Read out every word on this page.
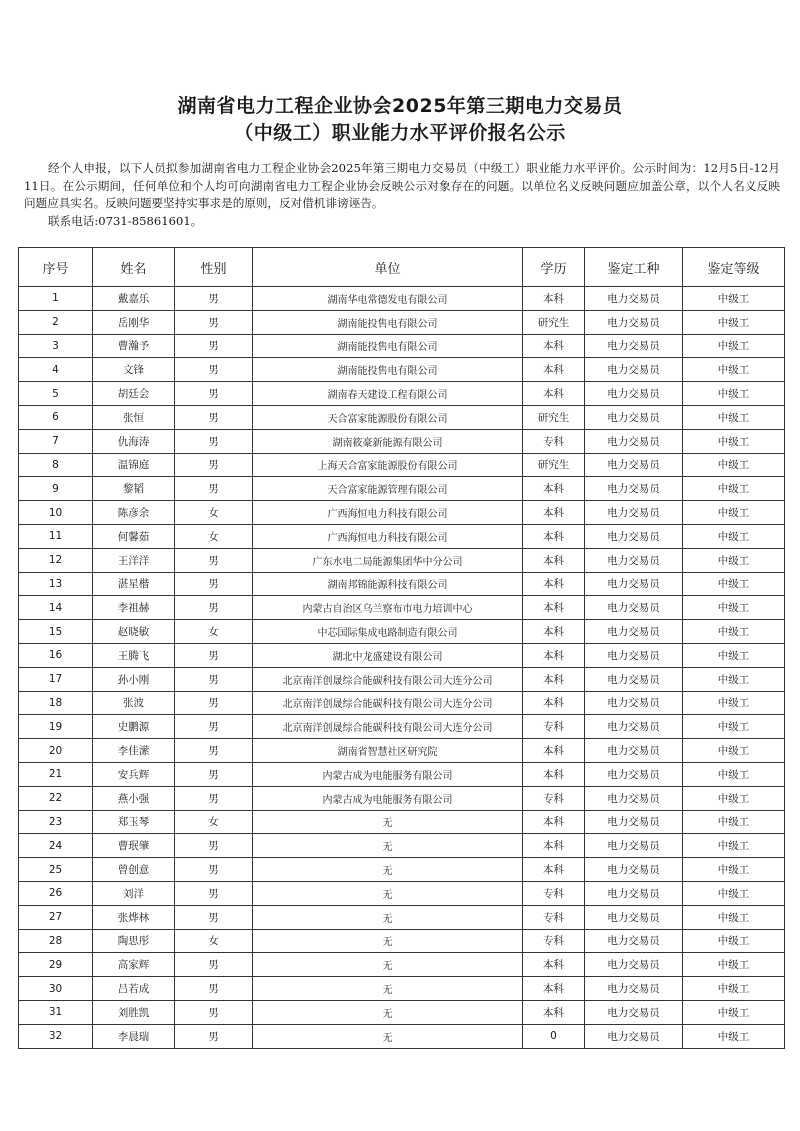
湖南省电力工程企业协会2025年第三期电力交易员
（中级工）职业能力水平评价报名公示

经个人申报，以下人员拟参加湖南省电力工程企业协会2025年第三期电力交易员（中级工）职业能力水平评价。公示时间为：12月5日-12月11日。在公示期间，任何单位和个人均可向湖南省电力工程企业协会反映公示对象存在的问题。以单位名义反映问题应加盖公章，以个人名义反映问题应具实名。反映问题要坚持实事求是的原则，反对借机诽谤诬告。

联系电话:0731-85861601。

序号	姓名	性别	单位	学历	鉴定工种	鉴定等级
1	戴嘉乐	男	湖南华电常德发电有限公司	本科	电力交易员	中级工
2	岳刚华	男	湖南能投售电有限公司	研究生	电力交易员	中级工
3	曹瀚予	男	湖南能投售电有限公司	本科	电力交易员	中级工
4	文锋	男	湖南能投售电有限公司	本科	电力交易员	中级工
5	胡廷会	男	湖南春天建设工程有限公司	本科	电力交易员	中级工
6	张恒	男	天合富家能源股份有限公司	研究生	电力交易员	中级工
7	仇海涛	男	湖南筱豪新能源有限公司	专科	电力交易员	中级工
8	温锦庭	男	上海天合富家能源股份有限公司	研究生	电力交易员	中级工
9	黎韬	男	天合富家能源管理有限公司	本科	电力交易员	中级工
10	陈彦余	女	广西海恒电力科技有限公司	本科	电力交易员	中级工
11	何馨茹	女	广西海恒电力科技有限公司	本科	电力交易员	中级工
12	王洋洋	男	广东水电二局能源集团华中分公司	本科	电力交易员	中级工
13	湛星楷	男	湖南邦锦能源科技有限公司	本科	电力交易员	中级工
14	李祖赫	男	内蒙古自治区乌兰察布市电力培训中心	本科	电力交易员	中级工
15	赵晓敏	女	中芯国际集成电路制造有限公司	本科	电力交易员	中级工
16	王腾飞	男	湖北中龙盛建设有限公司	本科	电力交易员	中级工
17	孙小刚	男	北京南洋创晟综合能碳科技有限公司大连分公司	本科	电力交易员	中级工
18	张波	男	北京南洋创晟综合能碳科技有限公司大连分公司	本科	电力交易员	中级工
19	史鹏源	男	北京南洋创晟综合能碳科技有限公司大连分公司	专科	电力交易员	中级工
20	李佳潆	男	湖南省智慧社区研究院	本科	电力交易员	中级工
21	安兵辉	男	内蒙古成为电能服务有限公司	本科	电力交易员	中级工
22	燕小强	男	内蒙古成为电能服务有限公司	专科	电力交易员	中级工
23	郑玉琴	女	无	本科	电力交易员	中级工
24	曹珉肇	男	无	本科	电力交易员	中级工
25	曾创意	男	无	本科	电力交易员	中级工
26	刘洋	男	无	专科	电力交易员	中级工
27	张烨林	男	无	专科	电力交易员	中级工
28	陶思彤	女	无	专科	电力交易员	中级工
29	高家辉	男	无	本科	电力交易员	中级工
30	吕若成	男	无	本科	电力交易员	中级工
31	刘胜凯	男	无	本科	电力交易员	中级工
32	李晨瑞	男	无	0	电力交易员	中级工
